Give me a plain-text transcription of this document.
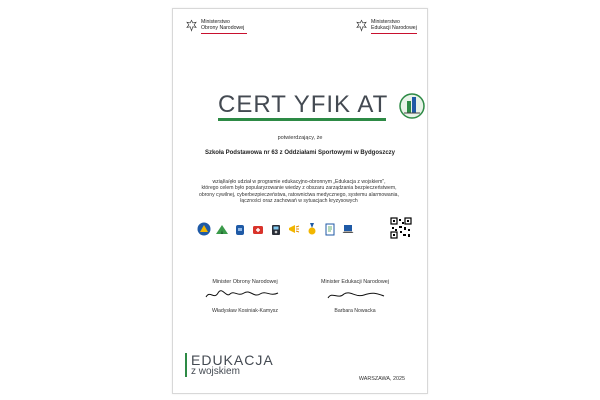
Ministerstwo
Obrony Narodowej
Ministerstwo
Edukacji Narodowej
CERT YFIK AT
potwierdzający, że
Szkoła Podstawowa nr 63 z Oddziałami Sportowymi w Bydgoszczy
wziął/a/ęło udział w programie edukacyjno-obronnym „Edukacja z wojskiem",
którego celem było popularyzowanie wiedzy z obszaru zarządzania bezpieczeństwem,
obrony cywilnej, cyberbezpieczeństwa, ratownictwa medycznego, systemu alarmowania,
łączności oraz zachowań w sytuacjach kryzysowych
Minister Obrony Narodowej
Władysław Kosiniak-Kamysz
Minister Edukacji Narodowej
Barbara Nowacka
EDUKACJA
z wojskiem
WARSZAWA, 2025
